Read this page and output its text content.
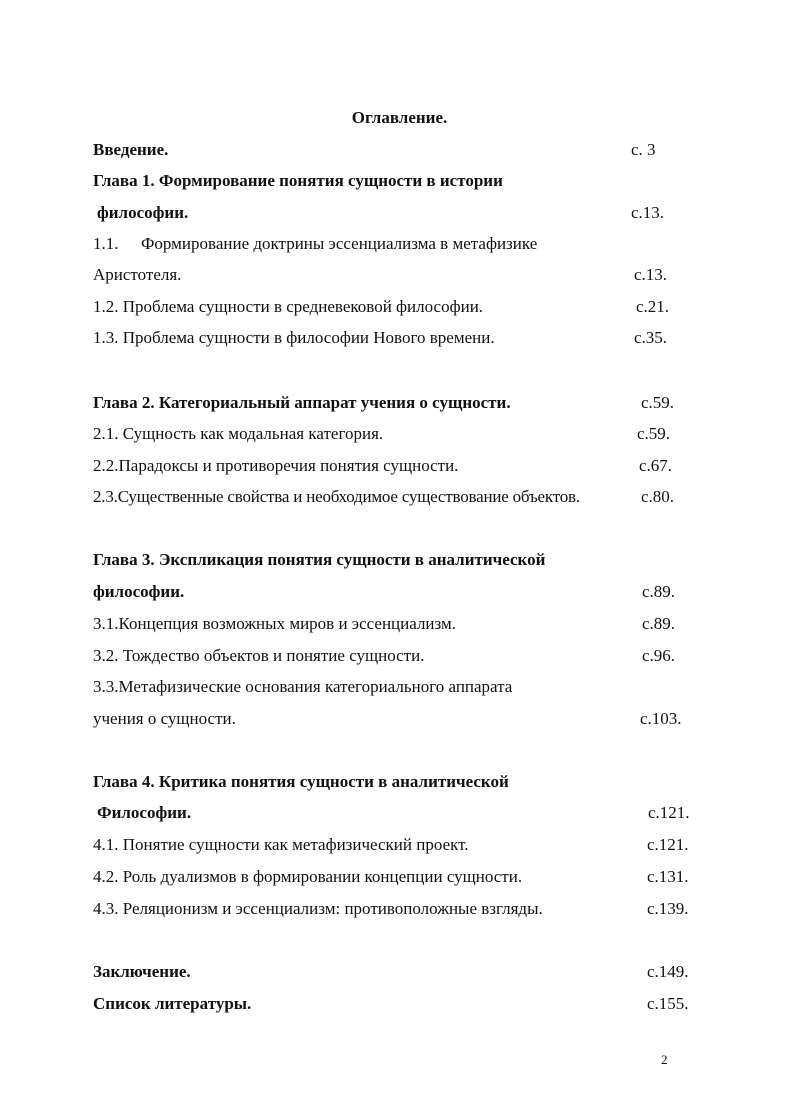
Оглавление.
Введение.	с. 3
Глава 1. Формирование понятия сущности в истории
философии.	с.13.
1.1. Формирование доктрины эссенциализма в метафизике
Аристотеля.	с.13.
1.2. Проблема сущности в средневековой философии.	с.21.
1.3. Проблема сущности в философии Нового времени.	с.35.
Глава 2. Категориальный аппарат учения о сущности.	с.59.
2.1. Сущность как модальная категория.	с.59.
2.2.Парадоксы и противоречия понятия сущности.	с.67.
2.3.Существенные свойства и необходимое существование объектов.	с.80.
Глава 3. Экспликация понятия сущности в аналитической
философии.	с.89.
3.1.Концепция возможных миров и эссенциализм.	с.89.
3.2. Тождество объектов и понятие сущности.	с.96.
3.3.Метафизические основания категориального аппарата
учения о сущности.	с.103.
Глава 4. Критика понятия сущности в аналитической
Философии.	с.121.
4.1. Понятие сущности как метафизический проект.	с.121.
4.2. Роль дуализмов в формировании концепции сущности.	с.131.
4.3. Реляционизм и эссенциализм: противоположные взгляды.	с.139.
Заключение.	с.149.
Список литературы.	с.155.
2
